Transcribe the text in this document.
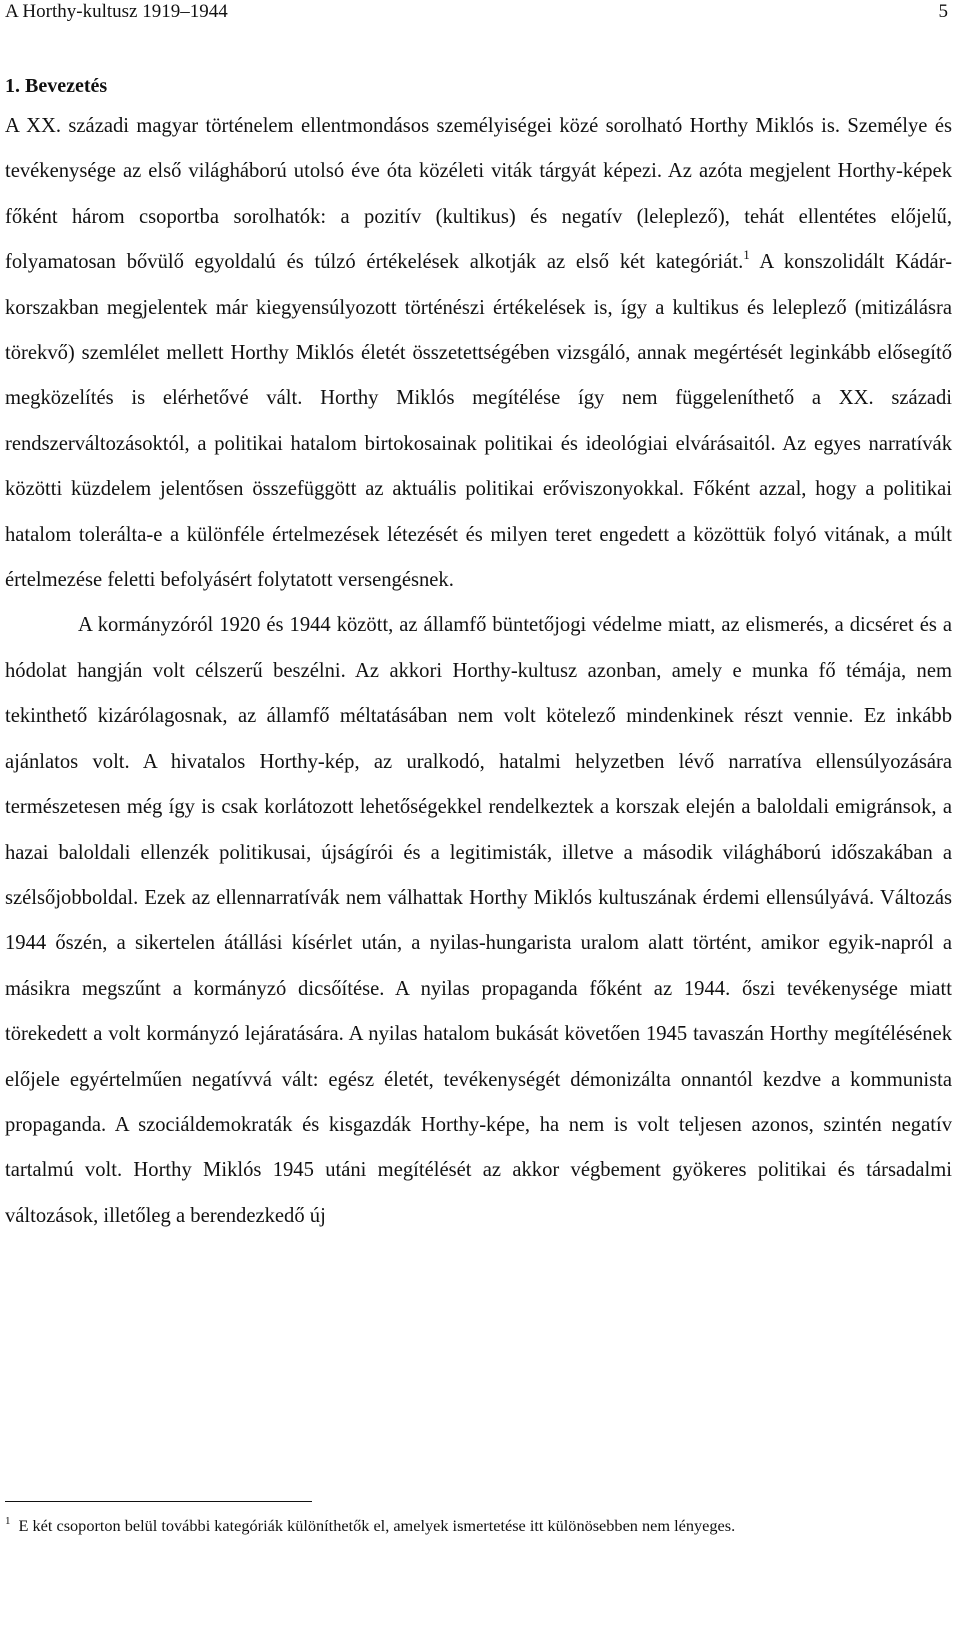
A Horthy-kultusz 1919–1944	5
1. Bevezetés

A XX. századi magyar történelem ellentmondásos személyiségei közé sorolható Horthy Miklós is. Személye és tevékenysége az első világháború utolsó éve óta közéleti viták tárgyát képezi. Az azóta megjelent Horthy-képek főként három csoportba sorolhatók: a pozitív (kultikus) és negatív (leleplező), tehát ellentétes előjelű, folyamatosan bővülő egyoldalú és túlzó értékelések alkotják az első két kategóriát.$^1$ A konszolidált Kádár-korszakban megjelentek már kiegyensúlyozott történészi értékelések is, így a kultikus és leleplező (mitizálásra törekvő) szemlélet mellett Horthy Miklós életét összetettségében vizsgáló, annak megértését leginkább elősegítő megközelítés is elérhetővé vált. Horthy Miklós megítélése így nem függeleníthető a XX. századi rendszerváltozásoktól, a politikai hatalom birtokosainak politikai és ideológiai elvárásaitól. Az egyes narratívák közötti küzdelem jelentősen összefüggött az aktuális politikai erőviszonyokkal. Főként azzal, hogy a politikai hatalom tolerálta-e a különféle értelmezések létezését és milyen teret engedett a közöttük folyó vitának, a múlt értelmezése feletti befolyásért folytatott versengésnek.

A kormányzóról 1920 és 1944 között, az államfő büntetőjogi védelme miatt, az elismerés, a dicséret és a hódolat hangján volt célszerű beszélni. Az akkori Horthy-kultusz azonban, amely e munka fő témája, nem tekinthető kizárólagosnak, az államfő méltatásában nem volt kötelező mindenkinek részt vennie. Ez inkább ajánlatos volt. A hivatalos Horthy-kép, az uralkodó, hatalmi helyzetben lévő narratíva ellensúlyozására természetesen még így is csak korlátozott lehetőségekkel rendelkeztek a korszak elején a baloldali emigránsok, a hazai baloldali ellenzék politikusai, újságírói és a legitimisták, illetve a második világháború időszakában a szélsőjobboldal. Ezek az ellennarratívák nem válhattak Horthy Miklós kultuszának érdemi ellensúlyává. Változás 1944 őszén, a sikertelen átállási kísérlet után, a nyilas-hungarista uralom alatt történt, amikor egyik-napról a másikra megszűnt a kormányzó dicsőítése. A nyilas propaganda főként az 1944. őszi tevékenysége miatt törekedett a volt kormányzó lejáratására. A nyilas hatalom bukását követően 1945 tavaszán Horthy megítélésének előjele egyértelműen negatívvá vált: egész életét, tevékenységét démonizálta onnantól kezdve a kommunista propaganda. A szociáldemokraták és kisgazdák Horthy-képe, ha nem is volt teljesen azonos, szintén negatív tartalmú volt. Horthy Miklós 1945 utáni megítélését az akkor végbement gyökeres politikai és társadalmi változások, illetőleg a berendezkedő új

$^1$ E két csoporton belül további kategóriák különíthetők el, amelyek ismertetése itt különösebben nem lényeges.
